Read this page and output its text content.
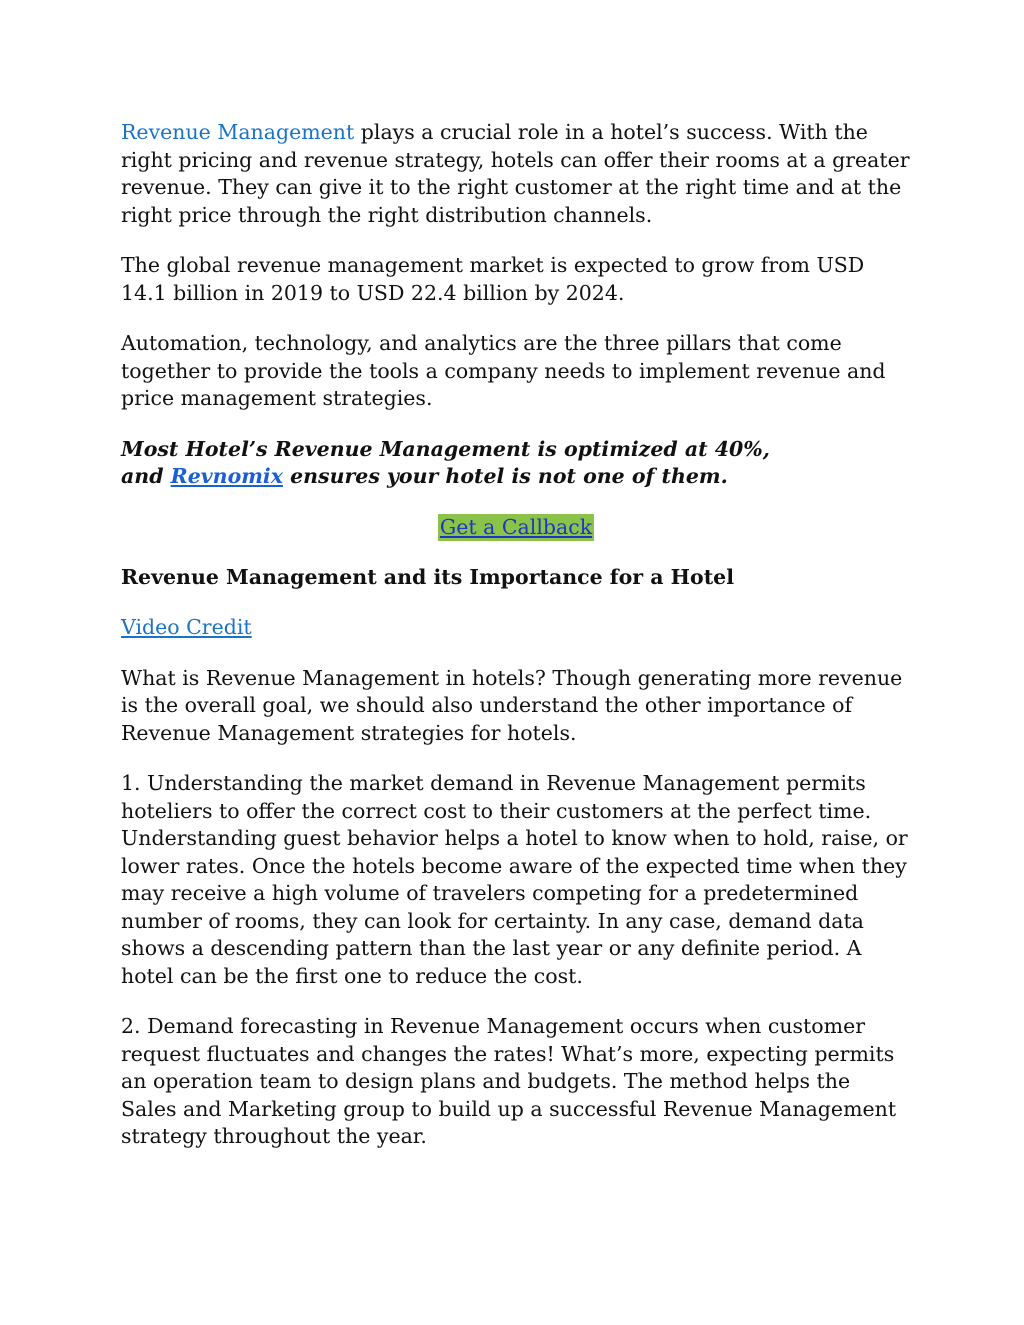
Revenue Management plays a crucial role in a hotel’s success. With the right pricing and revenue strategy, hotels can offer their rooms at a greater revenue. They can give it to the right customer at the right time and at the right price through the right distribution channels.

The global revenue management market is expected to grow from USD 14.1 billion in 2019 to USD 22.4 billion by 2024.

Automation, technology, and analytics are the three pillars that come together to provide the tools a company needs to implement revenue and price management strategies.

Most Hotel’s Revenue Management is optimized at 40%,
and Revnomix ensures your hotel is not one of them.

Get a Callback
Revenue Management and its Importance for a Hotel

Video Credit

What is Revenue Management in hotels? Though generating more revenue is the overall goal, we should also understand the other importance of Revenue Management strategies for hotels.

1. Understanding the market demand in Revenue Management permits hoteliers to offer the correct cost to their customers at the perfect time. Understanding guest behavior helps a hotel to know when to hold, raise, or lower rates. Once the hotels become aware of the expected time when they may receive a high volume of travelers competing for a predetermined number of rooms, they can look for certainty. In any case, demand data shows a descending pattern than the last year or any definite period. A hotel can be the first one to reduce the cost.

2. Demand forecasting in Revenue Management occurs when customer request fluctuates and changes the rates! What’s more, expecting permits an operation team to design plans and budgets. The method helps the Sales and Marketing group to build up a successful Revenue Management strategy throughout the year.
